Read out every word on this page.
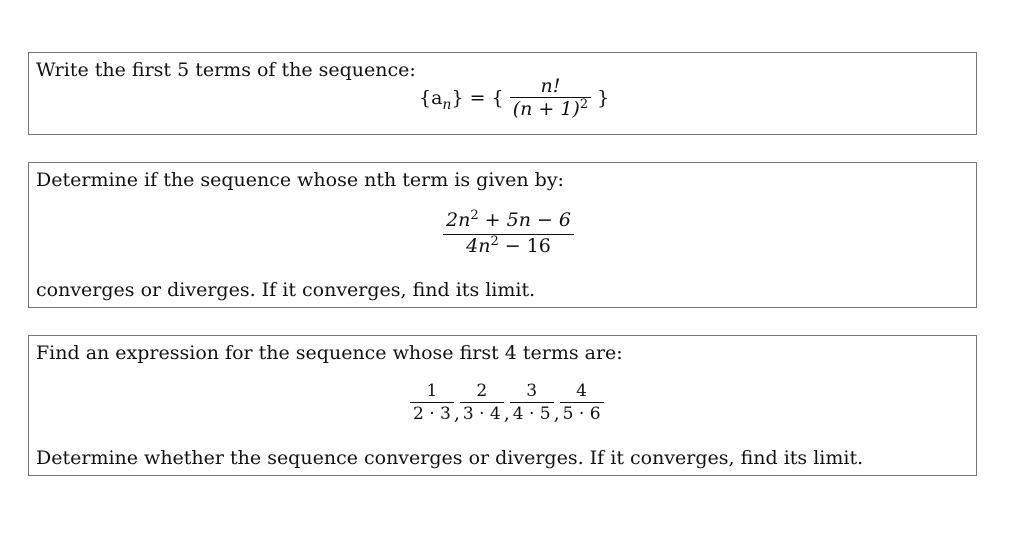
Write the first 5 terms of the sequence:
$\{a_n\}$ = { $\frac{n!}{(n + 1)^2}$ }
Determine if the sequence whose nth term is given by:
$\frac{2n^2 + 5n - 6}{4n^2 - 16}$
converges or diverges. If it converges, find its limit.
Find an expression for the sequence whose first 4 terms are:
$\frac{1}{2 \cdot 3}$ , $\frac{2}{3 \cdot 4}$ , $\frac{3}{4 \cdot 5}$ , $\frac{4}{5 \cdot 6}$
Determine whether the sequence converges or diverges. If it converges, find its limit.
